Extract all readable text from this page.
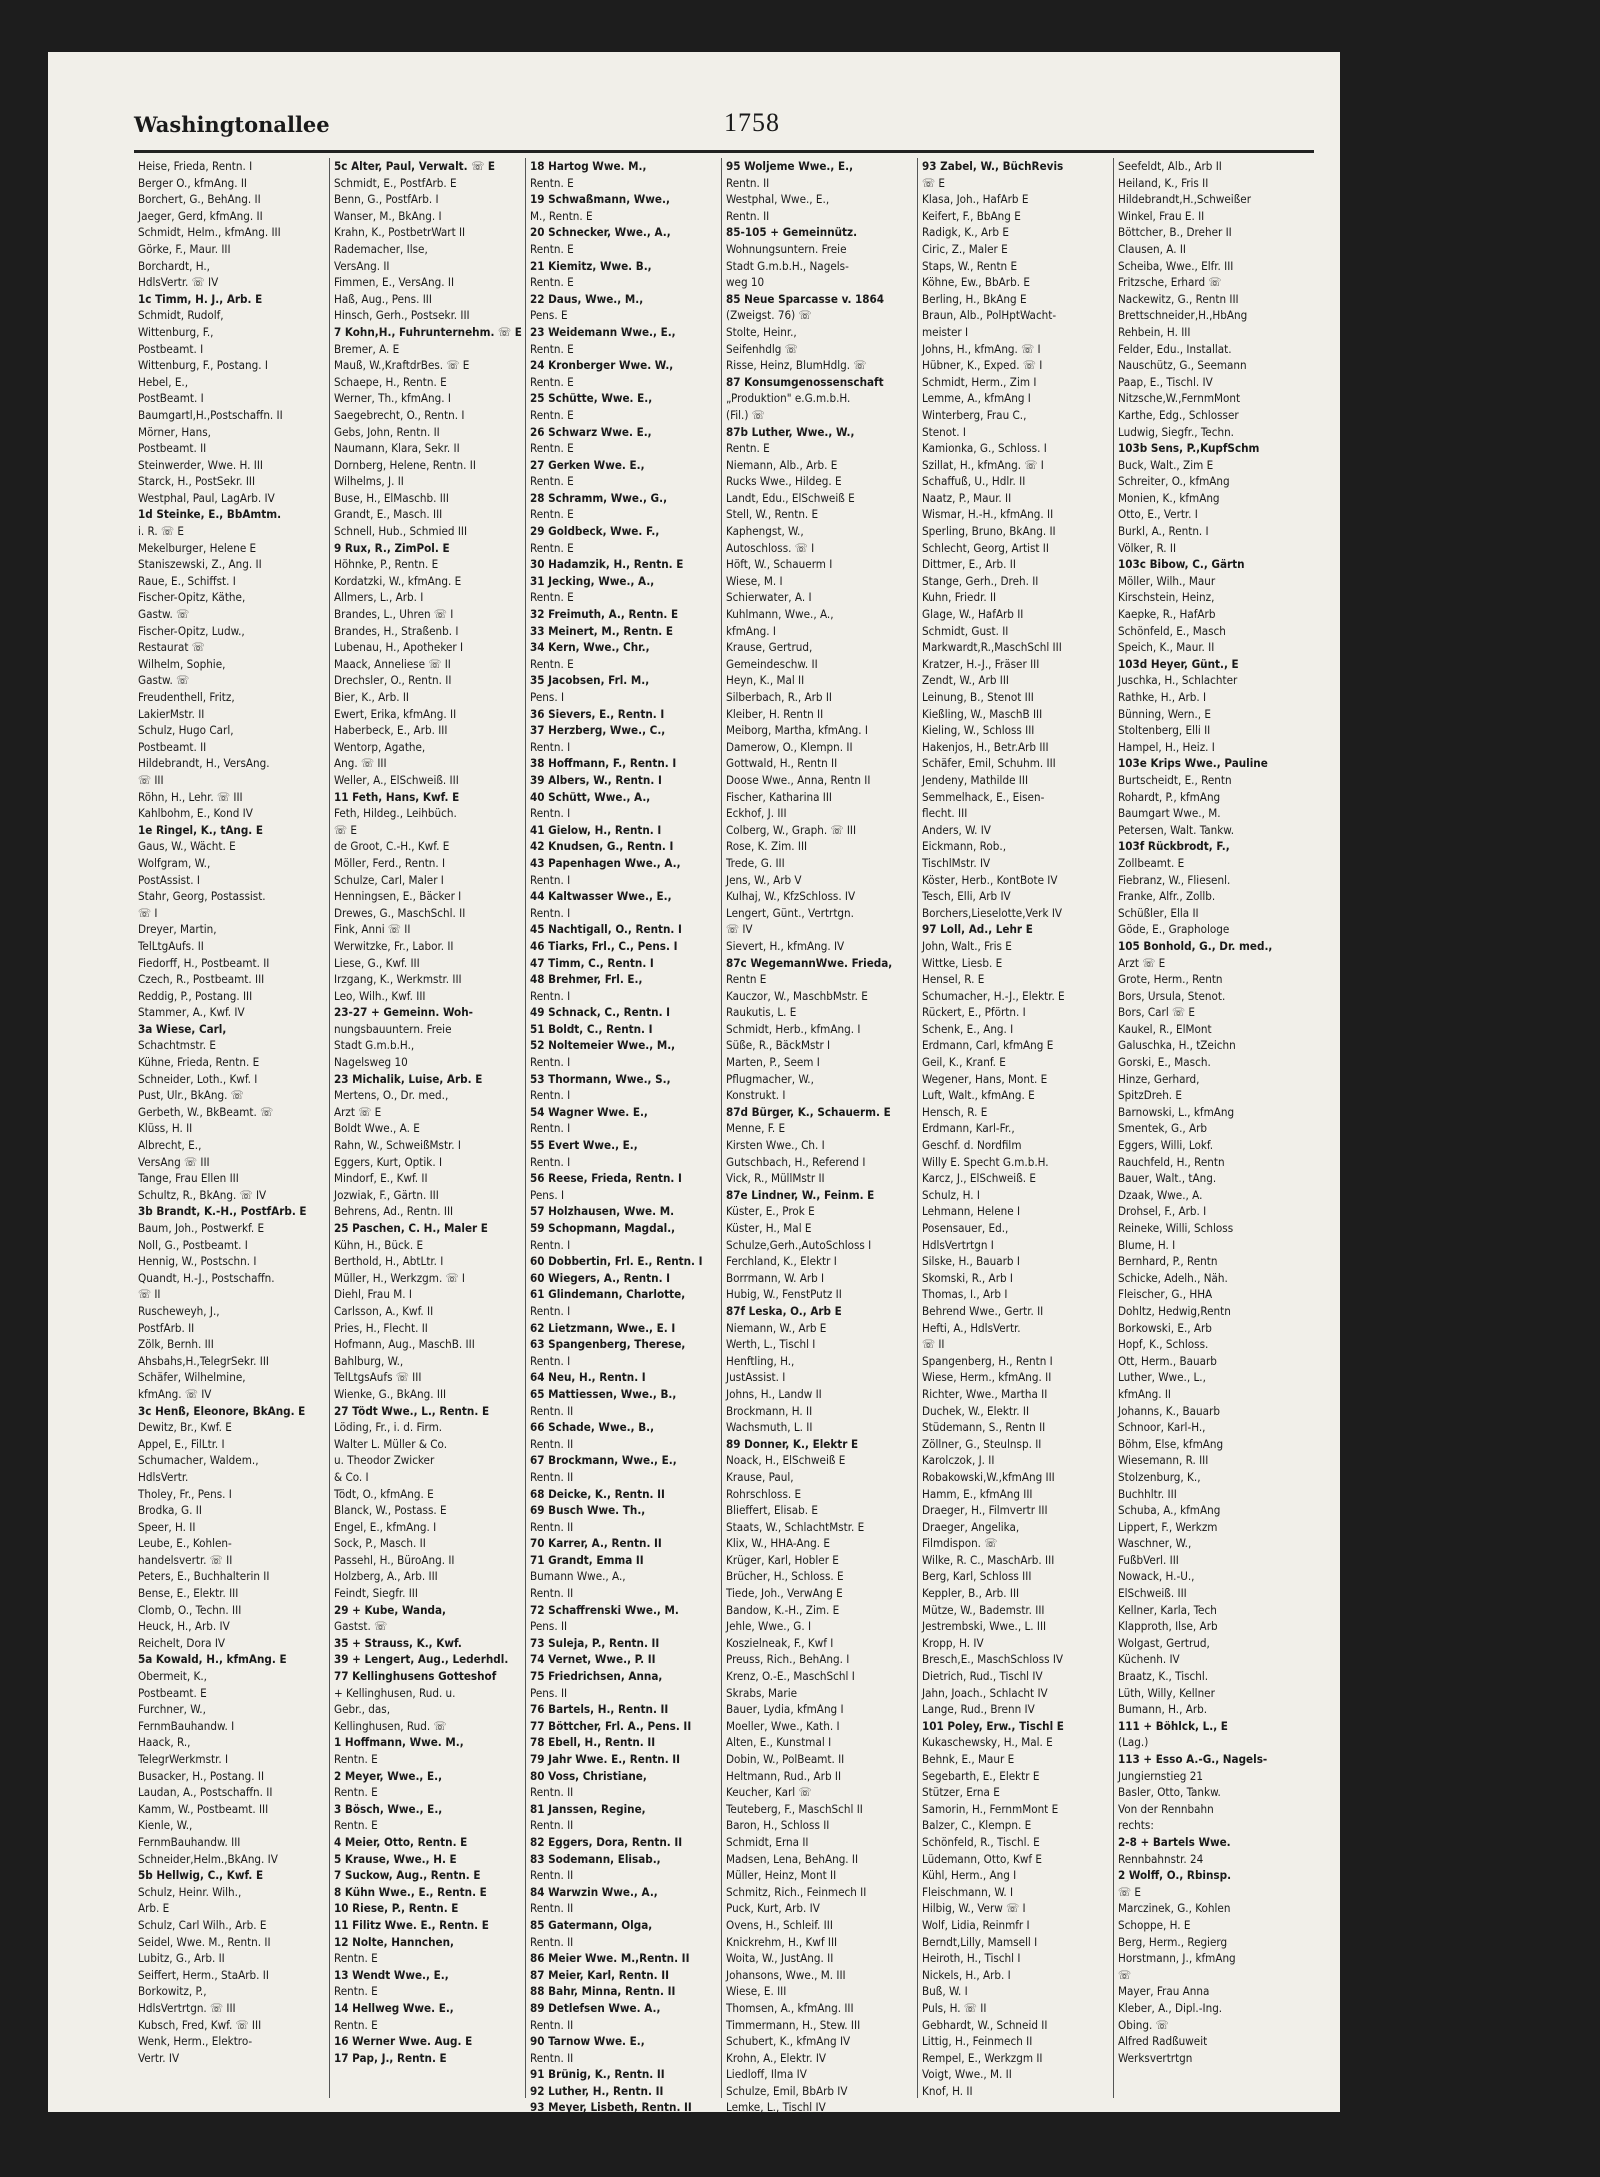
Washingtonallee	1758
Heise, Frieda, Rentn. I
Berger O., kfmAng. II
Borchert, G., BehAng. II
Jaeger, Gerd, kfmAng. II
Schmidt, Helm., kfmAng. III
Görke, F., Maur. III
Borchardt, H.,
HdlsVertr. ☏ IV
1c Timm, H. J., Arb. E
Schmidt, Rudolf,
Wittenburg, F.,
Postbeamt. I
Wittenburg, F., Postang. I
Hebel, E.,
PostBeamt. I
Baumgartl,H.,Postschaffn. II
Mörner, Hans,
Postbeamt. II
Steinwerder, Wwe. H. III
Starck, H., PostSekr. III
Westphal, Paul, LagArb. IV
1d Steinke, E., BbAmtm.
i. R. ☏ E
Mekelburger, Helene E
Staniszewski, Z., Ang. II
Raue, E., Schiffst. I
Fischer-Opitz, Käthe,
Gastw. ☏
Fischer-Opitz, Ludw.,
Restaurat ☏
Wilhelm, Sophie,
Gastw. ☏
Freudenthell, Fritz,
LakierMstr. II
Schulz, Hugo Carl,
Postbeamt. II
Hildebrandt, H., VersAng.
☏ III
Röhn, H., Lehr. ☏ III
Kahlbohm, E., Kond IV
1e Ringel, K., tAng. E
Gaus, W., Wächt. E
Wolfgram, W.,
PostAssist. I
Stahr, Georg, Postassist.
☏ I
Dreyer, Martin,
TelLtgAufs. II
Fiedorff, H., Postbeamt. II
Czech, R., Postbeamt. III
Reddig, P., Postang. III
Stammer, A., Kwf. IV
3a Wiese, Carl,
Schachtmstr. E
Kühne, Frieda, Rentn. E
Schneider, Loth., Kwf. I
Pust, Ulr., BkAng. ☏
Gerbeth, W., BkBeamt. ☏
Klüss, H. II
Albrecht, E.,
VersAng ☏ III
Tange, Frau Ellen III
Schultz, R., BkAng. ☏ IV
3b Brandt, K.-H., PostfArb. E
Baum, Joh., Postwerkf. E
Noll, G., Postbeamt. I
Hennig, W., Postschn. I
Quandt, H.-J., Postschaffn.
☏ II
Ruscheweyh, J.,
PostfArb. II
Zölk, Bernh. III
Ahsbahs,H.,TelegrSekr. III
Schäfer, Wilhelmine,
kfmAng. ☏ IV
3c Henß, Eleonore, BkAng. E
Dewitz, Br., Kwf. E
Appel, E., FilLtr. I
Schumacher, Waldem.,
HdlsVertr.
Tholey, Fr., Pens. I
Brodka, G. II
Speer, H. II
Leube, E., Kohlen-
handelsvertr. ☏ II
Peters, E., Buchhalterin II
Bense, E., Elektr. III
Clomb, O., Techn. III
Heuck, H., Arb. IV
Reichelt, Dora IV
5a Kowald, H., kfmAng. E
Obermeit, K.,
Postbeamt. E
Furchner, W.,
FernmBauhandw. I
Haack, R.,
TelegrWerkmstr. I
Busacker, H., Postang. II
Laudan, A., Postschaffn. II
Kamm, W., Postbeamt. III
Kienle, W.,
FernmBauhandw. III
Schneider,Helm.,BkAng. IV
5b Hellwig, C., Kwf. E
Schulz, Heinr. Wilh.,
Arb. E
Schulz, Carl Wilh., Arb. E
Seidel, Wwe. M., Rentn. II
Lubitz, G., Arb. II
Seiffert, Herm., StaArb. II
Borkowitz, P.,
HdlsVertrtgn. ☏ III
Kubsch, Fred, Kwf. ☏ III
Wenk, Herm., Elektro-
Vertr. IV
5c Alter, Paul, Verwalt. ☏ E
Schmidt, E., PostfArb. E
Benn, G., PostfArb. I
Wanser, M., BkAng. I
Krahn, K., PostbetrWart II
Rademacher, Ilse,
VersAng. II
Fimmen, E., VersAng. II
Haß, Aug., Pens. III
Hinsch, Gerh., Postsekr. III
7 Kohn,H., Fuhrunternehm. ☏ E
Bremer, A. E
Mauß, W.,KraftdrBes. ☏ E
Schaepe, H., Rentn. E
Werner, Th., kfmAng. I
Saegebrecht, O., Rentn. I
Gebs, John, Rentn. II
Naumann, Klara, Sekr. II
Dornberg, Helene, Rentn. II
Wilhelms, J. II
Buse, H., ElMaschb. III
Grandt, E., Masch. III
Schnell, Hub., Schmied III
9 Rux, R., ZimPol. E
Höhnke, P., Rentn. E
Kordatzki, W., kfmAng. E
Allmers, L., Arb. I
Brandes, L., Uhren ☏ I
Brandes, H., Straßenb. I
Lubenau, H., Apotheker I
Maack, Anneliese ☏ II
Drechsler, O., Rentn. II
Bier, K., Arb. II
Ewert, Erika, kfmAng. II
Haberbeck, E., Arb. III
Wentorp, Agathe,
Ang. ☏ III
Weller, A., ElSchweiß. III
11 Feth, Hans, Kwf. E
Feth, Hildeg., Leihbüch.
☏ E
de Groot, C.-H., Kwf. E
Möller, Ferd., Rentn. I
Schulze, Carl, Maler I
Henningsen, E., Bäcker I
Drewes, G., MaschSchl. II
Fink, Anni ☏ II
Werwitzke, Fr., Labor. II
Liese, G., Kwf. III
Irzgang, K., Werkmstr. III
Leo, Wilh., Kwf. III
23-27 + Gemeinn. Woh-
nungsbauuntern. Freie
Stadt G.m.b.H.,
Nagelsweg 10
23 Michalik, Luise, Arb. E
Mertens, O., Dr. med.,
Arzt ☏ E
Boldt Wwe., A. E
Rahn, W., SchweißMstr. I
Eggers, Kurt, Optik. I
Mindorf, E., Kwf. II
Jozwiak, F., Gärtn. III
Behrens, Ad., Rentn. III
25 Paschen, C. H., Maler E
Kühn, H., Bück. E
Berthold, H., AbtLtr. I
Müller, H., Werkzgm. ☏ I
Diehl, Frau M. I
Carlsson, A., Kwf. II
Pries, H., Flecht. II
Hofmann, Aug., MaschB. III
Bahlburg, W.,
TelLtgsAufs ☏ III
Wienke, G., BkAng. III
27 Tödt Wwe., L., Rentn. E
Löding, Fr., i. d. Firm.
Walter L. Müller & Co.
u. Theodor Zwicker
& Co. I
Tödt, O., kfmAng. E
Blanck, W., Postass. E
Engel, E., kfmAng. I
Sock, P., Masch. II
Passehl, H., BüroAng. II
Holzberg, A., Arb. III
Feindt, Siegfr. III
29 + Kube, Wanda,
Gastst. ☏
35 + Strauss, K., Kwf.
39 + Lengert, Aug., Lederhdl.
77 Kellinghusens Gotteshof
+ Kellinghusen, Rud. u.
Gebr., das,
Kellinghusen, Rud. ☏
1 Hoffmann, Wwe. M.,
Rentn. E
2 Meyer, Wwe., E.,
Rentn. E
3 Bösch, Wwe., E.,
Rentn. E
4 Meier, Otto, Rentn. E
5 Krause, Wwe., H. E
7 Suckow, Aug., Rentn. E
8 Kühn Wwe., E., Rentn. E
10 Riese, P., Rentn. E
11 Filitz Wwe. E., Rentn. E
12 Nolte, Hannchen,
Rentn. E
13 Wendt Wwe., E.,
Rentn. E
14 Hellweg Wwe. E.,
Rentn. E
16 Werner Wwe. Aug. E
17 Pap, J., Rentn. E
18 Hartog Wwe. M.,
Rentn. E
19 Schwaßmann, Wwe.,
M., Rentn. E
20 Schnecker, Wwe., A.,
Rentn. E
21 Kiemitz, Wwe. B.,
Rentn. E
22 Daus, Wwe., M.,
Pens. E
23 Weidemann Wwe., E.,
Rentn. E
24 Kronberger Wwe. W.,
Rentn. E
25 Schütte, Wwe. E.,
Rentn. E
26 Schwarz Wwe. E.,
Rentn. E
27 Gerken Wwe. E.,
Rentn. E
28 Schramm, Wwe., G.,
Rentn. E
29 Goldbeck, Wwe. F.,
Rentn. E
30 Hadamzik, H., Rentn. E
31 Jecking, Wwe., A.,
Rentn. E
32 Freimuth, A., Rentn. E
33 Meinert, M., Rentn. E
34 Kern, Wwe., Chr.,
Rentn. E
35 Jacobsen, Frl. M.,
Pens. I
36 Sievers, E., Rentn. I
37 Herzberg, Wwe., C.,
Rentn. I
38 Hoffmann, F., Rentn. I
39 Albers, W., Rentn. I
40 Schütt, Wwe., A.,
Rentn. I
41 Gielow, H., Rentn. I
42 Knudsen, G., Rentn. I
43 Papenhagen Wwe., A.,
Rentn. I
44 Kaltwasser Wwe., E.,
Rentn. I
45 Nachtigall, O., Rentn. I
46 Tiarks, Frl., C., Pens. I
47 Timm, C., Rentn. I
48 Brehmer, Frl. E.,
Rentn. I
49 Schnack, C., Rentn. I
51 Boldt, C., Rentn. I
52 Noltemeier Wwe., M.,
Rentn. I
53 Thormann, Wwe., S.,
Rentn. I
54 Wagner Wwe. E.,
Rentn. I
55 Evert Wwe., E.,
Rentn. I
56 Reese, Frieda, Rentn. I
Pens. I
57 Holzhausen, Wwe. M.
59 Schopmann, Magdal.,
Rentn. I
60 Dobbertin, Frl. E., Rentn. I
60 Wiegers, A., Rentn. I
61 Glindemann, Charlotte,
Rentn. I
62 Lietzmann, Wwe., E. I
63 Spangenberg, Therese,
Rentn. I
64 Neu, H., Rentn. I
65 Mattiessen, Wwe., B.,
Rentn. II
66 Schade, Wwe., B.,
Rentn. II
67 Brockmann, Wwe., E.,
Rentn. II
68 Deicke, K., Rentn. II
69 Busch Wwe. Th.,
Rentn. II
70 Karrer, A., Rentn. II
71 Grandt, Emma II
Bumann Wwe., A.,
Rentn. II
72 Schaffrenski Wwe., M.
Pens. II
73 Suleja, P., Rentn. II
74 Vernet, Wwe., P. II
75 Friedrichsen, Anna,
Pens. II
76 Bartels, H., Rentn. II
77 Böttcher, Frl. A., Pens. II
78 Ebell, H., Rentn. II
79 Jahr Wwe. E., Rentn. II
80 Voss, Christiane,
Rentn. II
81 Janssen, Regine,
Rentn. II
82 Eggers, Dora, Rentn. II
83 Sodemann, Elisab.,
Rentn. II
84 Warwzin Wwe., A.,
Rentn. II
85 Gatermann, Olga,
Rentn. II
86 Meier Wwe. M.,Rentn. II
87 Meier, Karl, Rentn. II
88 Bahr, Minna, Rentn. II
89 Detlefsen Wwe. A.,
Rentn. II
90 Tarnow Wwe. E.,
Rentn. II
91 Brünig, K., Rentn. II
92 Luther, H., Rentn. II
93 Meyer, Lisbeth, Rentn. II
95 Woljeme Wwe., E.,
Rentn. II
Westphal, Wwe., E.,
Rentn. II
85-105 + Gemeinnütz.
Wohnungsuntern. Freie
Stadt G.m.b.H., Nagels-
weg 10
85 Neue Sparcasse v. 1864
(Zweigst. 76) ☏
Stolte, Heinr.,
Seifenhdlg ☏
Risse, Heinz, BlumHdlg. ☏
87 Konsumgenossenschaft
„Produktion" e.G.m.b.H.
(Fil.) ☏
87b Luther, Wwe., W.,
Rentn. E
Niemann, Alb., Arb. E
Rucks Wwe., Hildeg. E
Landt, Edu., ElSchweiß E
Stell, W., Rentn. E
Kaphengst, W.,
Autoschloss. ☏ I
Höft, W., Schauerm I
Wiese, M. I
Schierwater, A. I
Kuhlmann, Wwe., A.,
kfmAng. I
Krause, Gertrud,
Gemeindeschw. II
Heyn, K., Mal II
Silberbach, R., Arb II
Kleiber, H. Rentn II
Meiborg, Martha, kfmAng. I
Damerow, O., Klempn. II
Gottwald, H., Rentn II
Doose Wwe., Anna, Rentn II
Fischer, Katharina III
Eckhof, J. III
Colberg, W., Graph. ☏ III
Rose, K. Zim. III
Trede, G. III
Jens, W., Arb V
Kulhaj, W., KfzSchloss. IV
Lengert, Günt., Vertrtgn.
☏ IV
Sievert, H., kfmAng. IV
87c WegemannWwe. Frieda,
Rentn E
Kauczor, W., MaschbMstr. E
Raukutis, L. E
Schmidt, Herb., kfmAng. I
Süße, R., BäckMstr I
Marten, P., Seem I
Pflugmacher, W.,
Konstrukt. I
87d Bürger, K., Schauerm. E
Menne, F. E
Kirsten Wwe., Ch. I
Gutschbach, H., Referend I
Vick, R., MüllMstr II
87e Lindner, W., Feinm. E
Küster, E., Prok E
Küster, H., Mal E
Schulze,Gerh.,AutoSchloss I
Ferchland, K., Elektr I
Borrmann, W. Arb I
Hubig, W., FenstPutz II
87f Leska, O., Arb E
Niemann, W., Arb E
Werth, L., Tischl I
Henftling, H.,
JustAssist. I
Johns, H., Landw II
Brockmann, H. II
Wachsmuth, L. II
89 Donner, K., Elektr E
Noack, H., ElSchweiß E
Krause, Paul,
Rohrschloss. E
Blieffert, Elisab. E
Staats, W., SchlachtMstr. E
Klix, W., HHA-Ang. E
Krüger, Karl, Hobler E
Brücher, H., Schloss. E
Tiede, Joh., VerwAng E
Bandow, K.-H., Zim. E
Jehle, Wwe., G. I
Koszielneak, F., Kwf I
Preuss, Rich., BehAng. I
Krenz, O.-E., MaschSchl I
Skrabs, Marie
Bauer, Lydia, kfmAng I
Moeller, Wwe., Kath. I
Alten, E., Kunstmal I
Dobin, W., PolBeamt. II
Heltmann, Rud., Arb II
Keucher, Karl ☏
Teuteberg, F., MaschSchl II
Baron, H., Schloss II
Schmidt, Erna II
Madsen, Lena, BehAng. II
Müller, Heinz, Mont II
Schmitz, Rich., Feinmech II
Puck, Kurt, Arb. IV
Ovens, H., Schleif. III
Knickrehm, H., Kwf III
Woita, W., JustAng. II
Johansons, Wwe., M. III
Wiese, E. III
Thomsen, A., kfmAng. III
Timmermann, H., Stew. III
Schubert, K., kfmAng IV
Krohn, A., Elektr. IV
Liedloff, Ilma IV
Schulze, Emil, BbArb IV
Lemke, L., Tischl IV
93 Zabel, W., BüchRevis
☏ E
Klasa, Joh., HafArb E
Keifert, F., BbAng E
Radigk, K., Arb E
Ciric, Z., Maler E
Staps, W., Rentn E
Köhne, Ew., BbArb. E
Berling, H., BkAng E
Braun, Alb., PolHptWacht-
meister I
Johns, H., kfmAng. ☏ I
Hübner, K., Exped. ☏ I
Schmidt, Herm., Zim I
Lemme, A., kfmAng I
Winterberg, Frau C.,
Stenot. I
Kamionka, G., Schloss. I
Szillat, H., kfmAng. ☏ I
Schaffuß, U., Hdlr. II
Naatz, P., Maur. II
Wismar, H.-H., kfmAng. II
Sperling, Bruno, BkAng. II
Schlecht, Georg, Artist II
Dittmer, E., Arb. II
Stange, Gerh., Dreh. II
Kuhn, Friedr. II
Glage, W., HafArb II
Schmidt, Gust. II
Markwardt,R.,MaschSchl III
Kratzer, H.-J., Fräser III
Zendt, W., Arb III
Leinung, B., Stenot III
Kießling, W., MaschB III
Kieling, W., Schloss III
Hakenjos, H., Betr.Arb III
Schäfer, Emil, Schuhm. III
Jendeny, Mathilde III
Semmelhack, E., Eisen-
flecht. III
Anders, W. IV
Eickmann, Rob.,
TischlMstr. IV
Köster, Herb., KontBote IV
Tesch, Elli, Arb IV
Borchers,Lieselotte,Verk IV
97 Loll, Ad., Lehr E
John, Walt., Fris E
Wittke, Liesb. E
Hensel, R. E
Schumacher, H.-J., Elektr. E
Rückert, E., Pförtn. I
Schenk, E., Ang. I
Erdmann, Carl, kfmAng E
Geil, K., Kranf. E
Wegener, Hans, Mont. E
Luft, Walt., kfmAng. E
Hensch, R. E
Erdmann, Karl-Fr.,
Geschf. d. Nordfilm
Willy E. Specht G.m.b.H.
Karcz, J., ElSchweiß. E
Schulz, H. I
Lehmann, Helene I
Posensauer, Ed.,
HdlsVertrtgn I
Silske, H., Bauarb I
Skomski, R., Arb I
Thomas, I., Arb I
Behrend Wwe., Gertr. II
Hefti, A., HdlsVertr.
☏ II
Spangenberg, H., Rentn I
Wiese, Herm., kfmAng. II
Richter, Wwe., Martha II
Duchek, W., Elektr. II
Stüdemann, S., Rentn II
Zöllner, G., Steulnsp. II
Karolczok, J. II
Robakowski,W.,kfmAng III
Hamm, E., kfmAng III
Draeger, H., Filmvertr III
Draeger, Angelika,
Filmdispon. ☏
Wilke, R. C., MaschArb. III
Berg, Karl, Schloss III
Keppler, B., Arb. III
Mütze, W., Bademstr. III
Jestrembski, Wwe., L. III
Kropp, H. IV
Bresch,E., MaschSchloss IV
Dietrich, Rud., Tischl IV
Jahn, Joach., Schlacht IV
Lange, Rud., Brenn IV
101 Poley, Erw., Tischl E
Kukaschewsky, H., Mal. E
Behnk, E., Maur E
Segebarth, E., Elektr E
Stützer, Erna E
Samorin, H., FernmMont E
Balzer, C., Klempn. E
Schönfeld, R., Tischl. E
Lüdemann, Otto, Kwf E
Kühl, Herm., Ang I
Fleischmann, W. I
Hilbig, W., Verw ☏ I
Wolf, Lidia, Reinmfr I
Berndt,Lilly, Mamsell I
Heiroth, H., Tischl I
Nickels, H., Arb. I
Buß, W. I
Puls, H. ☏ II
Gebhardt, W., Schneid II
Littig, H., Feinmech II
Rempel, E., Werkzgm II
Voigt, Wwe., M. II
Knof, H. II
Seefeldt, Alb., Arb II
Heiland, K., Fris II
Hildebrandt,H.,Schweißer
Winkel, Frau E. II
Böttcher, B., Dreher II
Clausen, A. II
Scheiba, Wwe., Elfr. III
Fritzsche, Erhard ☏
Nackewitz, G., Rentn III
Brettschneider,H.,HbAng
Rehbein, H. III
Felder, Edu., Installat.
Nauschütz, G., Seemann
Paap, E., Tischl. IV
Nitzsche,W.,FernmMont
Karthe, Edg., Schlosser
Ludwig, Siegfr., Techn.
103b Sens, P.,KupfSchm
Buck, Walt., Zim E
Schreiter, O., kfmAng
Monien, K., kfmAng
Otto, E., Vertr. I
Burkl, A., Rentn. I
Völker, R. II
103c Bibow, C., Gärtn
Möller, Wilh., Maur
Kirschstein, Heinz,
Kaepke, R., HafArb
Schönfeld, E., Masch
Speich, K., Maur. II
103d Heyer, Günt., E
Juschka, H., Schlachter
Rathke, H., Arb. I
Bünning, Wern., E
Stoltenberg, Elli II
Hampel, H., Heiz. I
103e Krips Wwe., Pauline
Burtscheidt, E., Rentn
Rohardt, P., kfmAng
Baumgart Wwe., M.
Petersen, Walt. Tankw.
103f Rückbrodt, F.,
Zollbeamt. E
Fiebranz, W., Fliesenl.
Franke, Alfr., Zollb.
Schüßler, Ella II
Göde, E., Graphologe
105 Bonhold, G., Dr. med.,
Arzt ☏ E
Grote, Herm., Rentn
Bors, Ursula, Stenot.
Bors, Carl ☏ E
Kaukel, R., ElMont
Galuschka, H., tZeichn
Gorski, E., Masch.
Hinze, Gerhard,
SpitzDreh. E
Barnowski, L., kfmAng
Smentek, G., Arb
Eggers, Willi, Lokf.
Rauchfeld, H., Rentn
Bauer, Walt., tAng.
Dzaak, Wwe., A.
Drohsel, F., Arb. I
Reineke, Willi, Schloss
Blume, H. I
Bernhard, P., Rentn
Schicke, Adelh., Näh.
Fleischer, G., HHA
Dohltz, Hedwig,Rentn
Borkowski, E., Arb
Hopf, K., Schloss.
Ott, Herm., Bauarb
Luther, Wwe., L.,
kfmAng. II
Johanns, K., Bauarb
Schnoor, Karl-H.,
Böhm, Else, kfmAng
Wiesemann, R. III
Stolzenburg, K.,
Buchhltr. III
Schuba, A., kfmAng
Lippert, F., Werkzm
Waschner, W.,
FußbVerl. III
Nowack, H.-U.,
ElSchweiß. III
Kellner, Karla, Tech
Klapproth, Ilse, Arb
Wolgast, Gertrud,
Küchenh. IV
Braatz, K., Tischl.
Lüth, Willy, Kellner
Bumann, H., Arb.
111 + Böhlck, L., E
(Lag.)
113 + Esso A.-G., Nagels-
Jungiernstieg 21
Basler, Otto, Tankw.
Von der Rennbahn
rechts:
2-8 + Bartels Wwe.
Rennbahnstr. 24
2 Wolff, O., Rbinsp.
☏ E
Marczinek, G., Kohlen
Schoppe, H. E
Berg, Herm., Regierg
Horstmann, J., kfmAng
☏
Mayer, Frau Anna
Kleber, A., Dipl.-Ing.
Obing. ☏
Alfred Radßuweit
Werksvertrtgn
